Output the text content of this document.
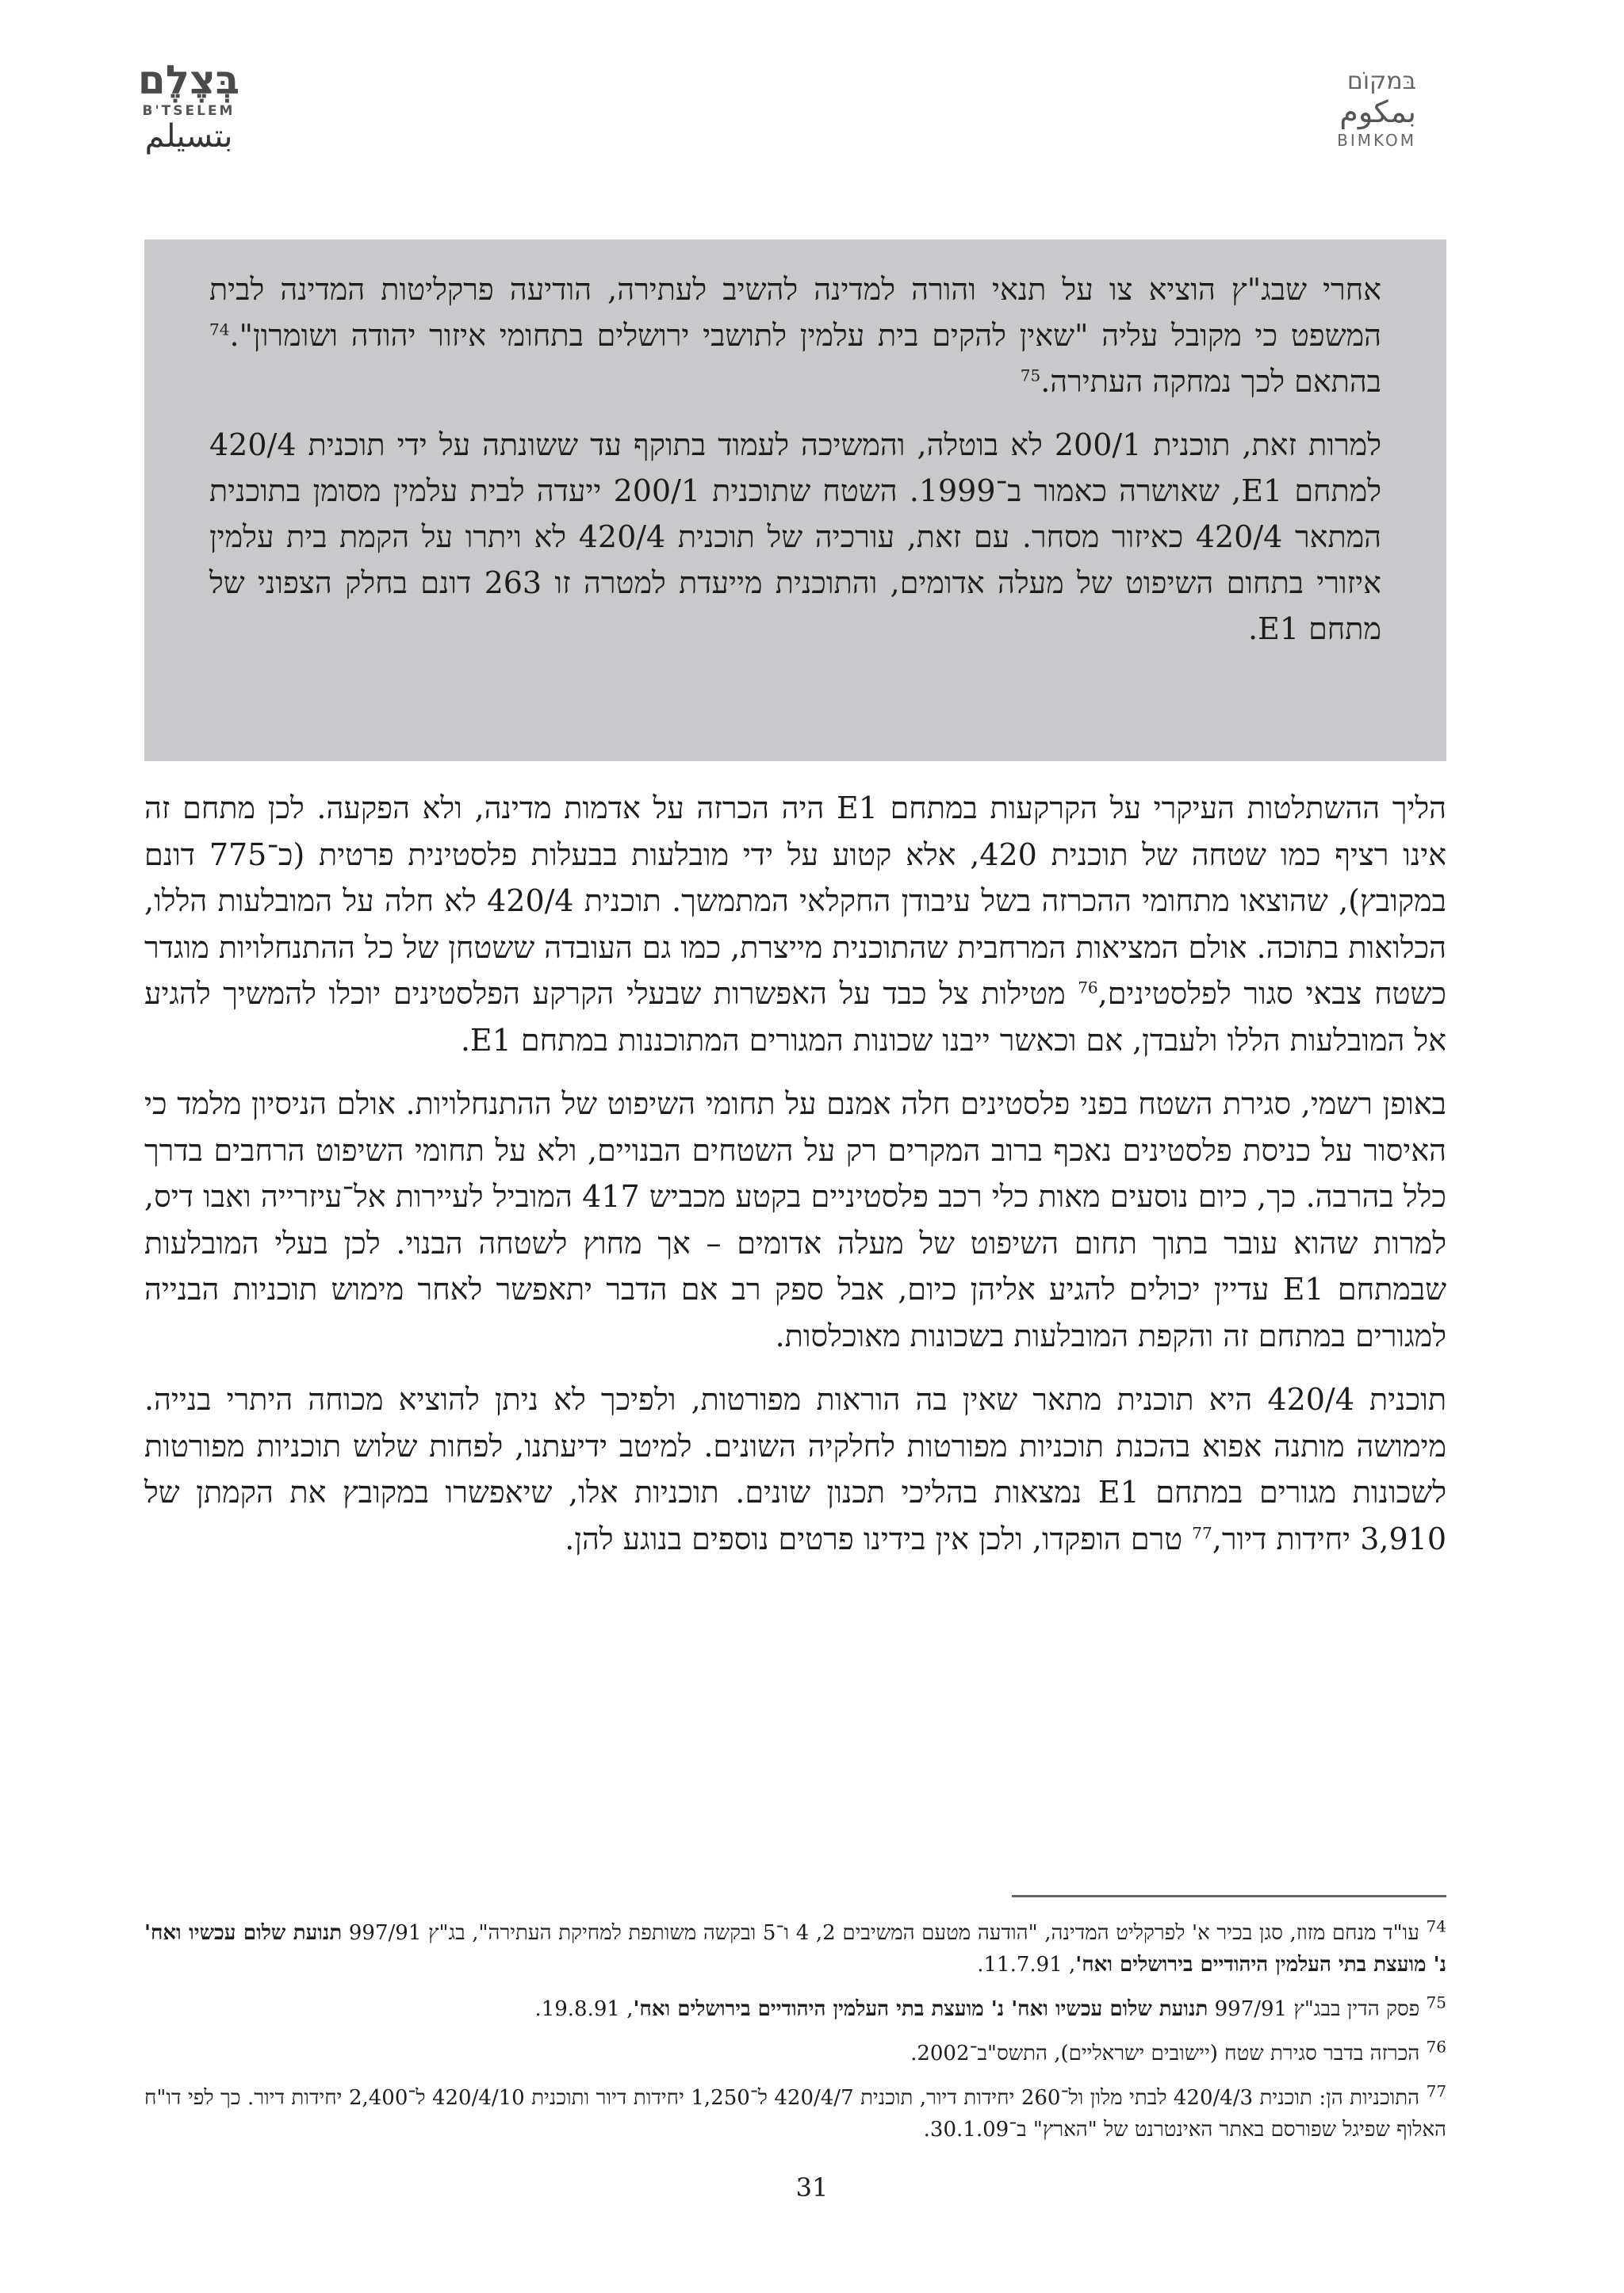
בְּצֶלֶם
B'TSELEM
بتسيلم
בּמקוֹם
بمكوم
BIMKOM

אחרי שבג"ץ הוציא צו על תנאי והורה למדינה להשיב לעתירה, הודיעה פרקליטות המדינה לבית המשפט כי מקובל עליה "שאין להקים בית עלמין לתושבי ירושלים בתחומי איזור יהודה ושומרון".$^{74}$ בהתאם לכך נמחקה העתירה.$^{75}$

למרות זאת, תוכנית 200/1 לא בוטלה, והמשיכה לעמוד בתוקף עד ששונתה על ידי תוכנית 420/4 למתחם E1, שאושרה כאמור ב־1999. השטח שתוכנית 200/1 ייעדה לבית עלמין מסומן בתוכנית המתאר 420/4 כאיזור מסחר. עם זאת, עורכיה של תוכנית 420/4 לא ויתרו על הקמת בית עלמין איזורי בתחום השיפוט של מעלה אדומים, והתוכנית מייעדת למטרה זו 263 דונם בחלק הצפוני של מתחם E1.

הליך ההשתלטות העיקרי על הקרקעות במתחם E1 היה הכרזה על אדמות מדינה, ולא הפקעה. לכן מתחם זה אינו רציף כמו שטחה של תוכנית 420, אלא קטוע על ידי מובלעות בבעלות פלסטינית פרטית (כ־775 דונם במקובץ), שהוצאו מתחומי ההכרזה בשל עיבודן החקלאי המתמשך. תוכנית 420/4 לא חלה על המובלעות הללו, הכלואות בתוכה. אולם המציאות המרחבית שהתוכנית מייצרת, כמו גם העובדה ששטחן של כל ההתנחלויות מוגדר כשטח צבאי סגור לפלסטינים,$^{76}$ מטילות צל כבד על האפשרות שבעלי הקרקע הפלסטינים יוכלו להמשיך להגיע אל המובלעות הללו ולעבדן, אם וכאשר ייבנו שכונות המגורים המתוכננות במתחם E1.

באופן רשמי, סגירת השטח בפני פלסטינים חלה אמנם על תחומי השיפוט של ההתנחלויות. אולם הניסיון מלמד כי האיסור על כניסת פלסטינים נאכף ברוב המקרים רק על השטחים הבנויים, ולא על תחומי השיפוט הרחבים בדרך כלל בהרבה. כך, כיום נוסעים מאות כלי רכב פלסטיניים בקטע מכביש 417 המוביל לעיירות אל־עיזרייה ואבו דיס, למרות שהוא עובר בתוך תחום השיפוט של מעלה אדומים – אך מחוץ לשטחה הבנוי. לכן בעלי המובלעות שבמתחם E1 עדיין יכולים להגיע אליהן כיום, אבל ספק רב אם הדבר יתאפשר לאחר מימוש תוכניות הבנייה למגורים במתחם זה והקפת המובלעות בשכונות מאוכלסות.

תוכנית 420/4 היא תוכנית מתאר שאין בה הוראות מפורטות, ולפיכך לא ניתן להוציא מכוחה היתרי בנייה. מימושה מותנה אפוא בהכנת תוכניות מפורטות לחלקיה השונים. למיטב ידיעתנו, לפחות שלוש תוכניות מפורטות לשכונות מגורים במתחם E1 נמצאות בהליכי תכנון שונים. תוכניות אלו, שיאפשרו במקובץ את הקמתן של 3,910 יחידות דיור,$^{77}$ טרם הופקדו, ולכן אין בידינו פרטים נוספים בנוגע להן.

$^{74}$ עו"ד מנחם מזוז, סגן בכיר א' לפרקליט המדינה, "הודעה מטעם המשיבים 2, 4 ו־5 ובקשה משותפת למחיקת העתירה", בג"ץ 997/91 תנועת שלום עכשיו ואח' נ' מועצת בתי העלמין היהודיים בירושלים ואח', 11.7.91.

$^{75}$ פסק הדין בבג"ץ 997/91 תנועת שלום עכשיו ואח' נ' מועצת בתי העלמין היהודיים בירושלים ואח', 19.8.91.

$^{76}$ הכרזה בדבר סגירת שטח (יישובים ישראליים), התשס"ב־2002.

$^{77}$ התוכניות הן: תוכנית 420/4/3 לבתי מלון ול־260 יחידות דיור, תוכנית 420/4/7 ל־1,250 יחידות דיור ותוכנית 420/4/10 ל־2,400 יחידות דיור. כך לפי דו"ח האלוף שפיגל שפורסם באתר האינטרנט של "הארץ" ב־30.1.09.

31
